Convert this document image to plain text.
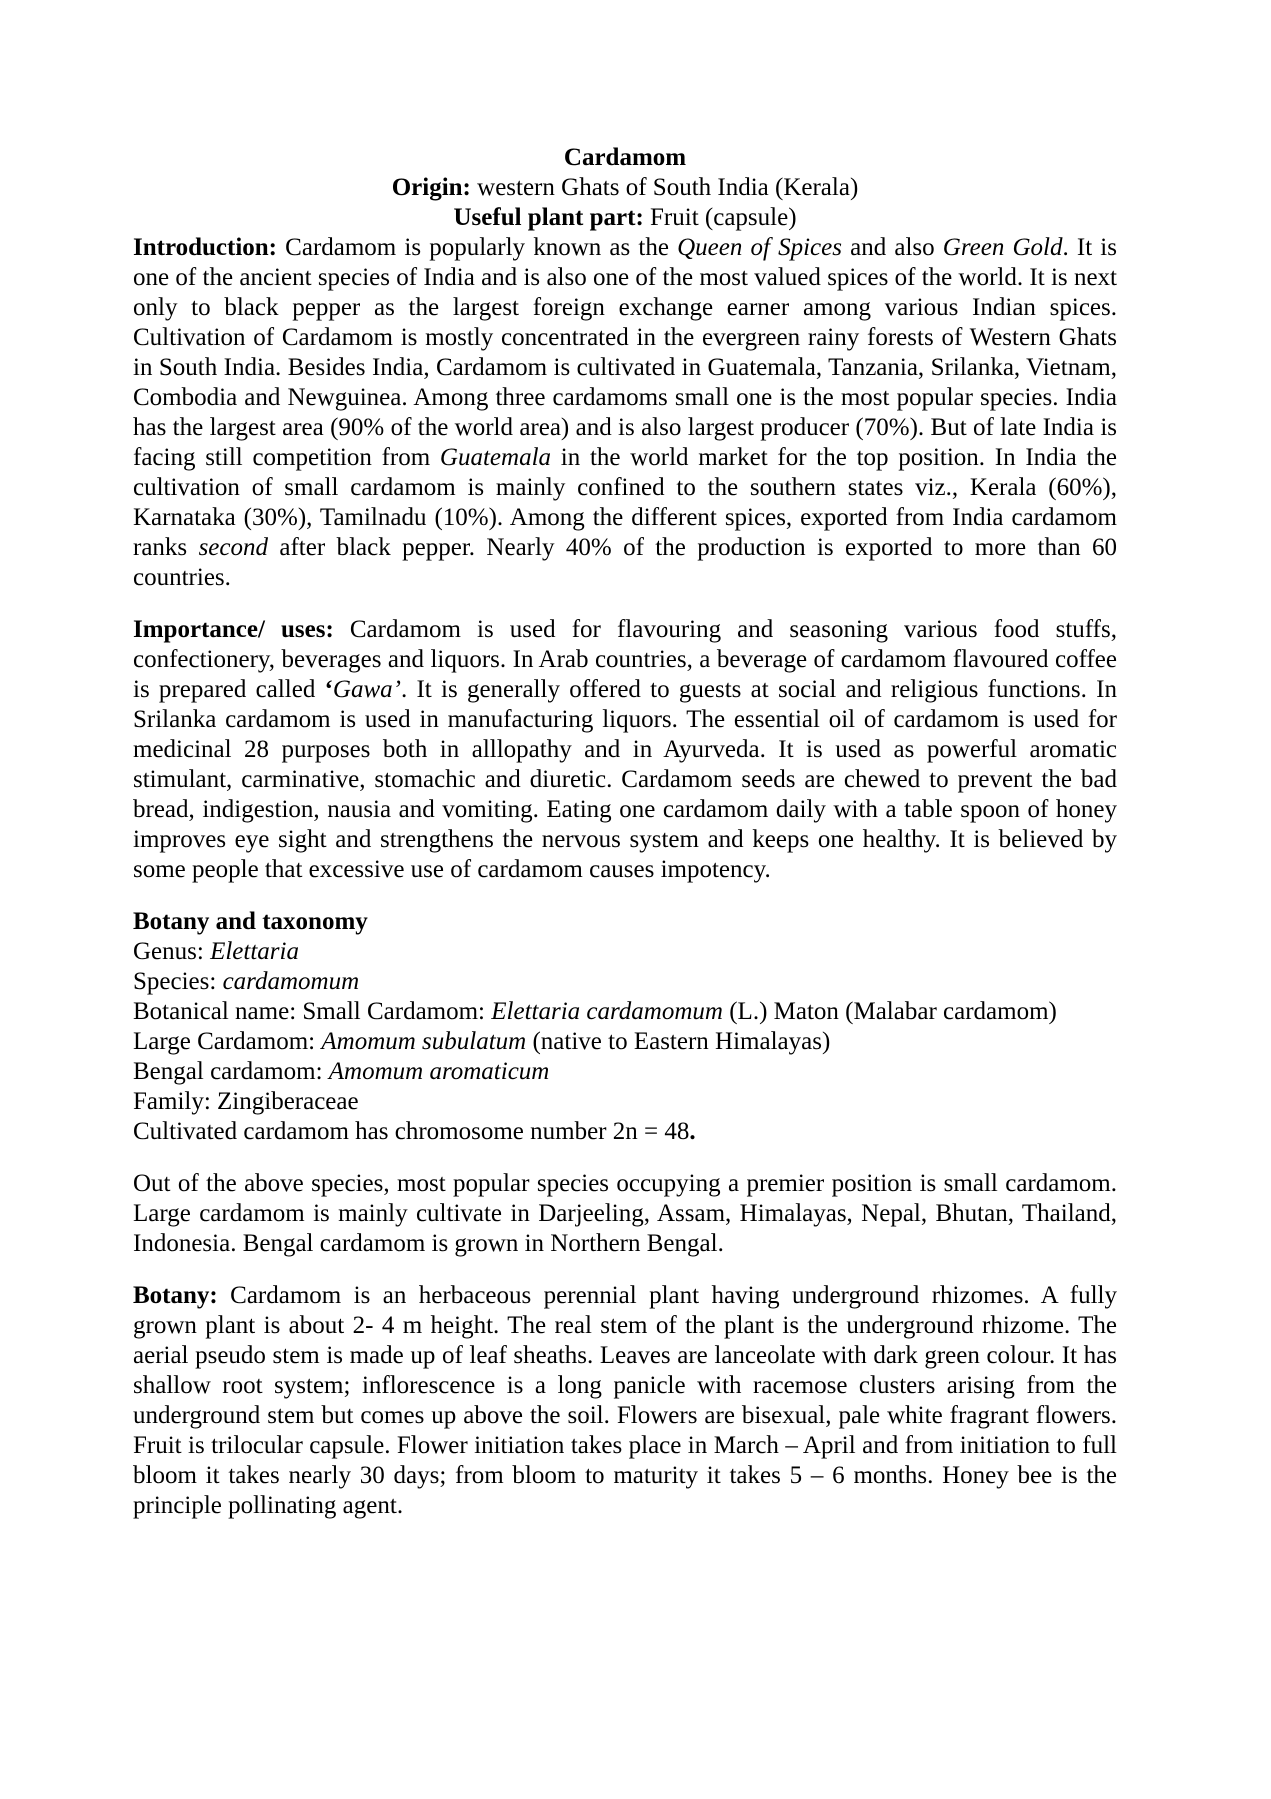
Cardamom

Origin: western Ghats of South India (Kerala)

Useful plant part: Fruit (capsule)

Introduction: Cardamom is popularly known as the Queen of Spices and also Green Gold. It is one of the ancient species of India and is also one of the most valued spices of the world. It is next only to black pepper as the largest foreign exchange earner among various Indian spices. Cultivation of Cardamom is mostly concentrated in the evergreen rainy forests of Western Ghats in South India. Besides India, Cardamom is cultivated in Guatemala, Tanzania, Srilanka, Vietnam, Combodia and Newguinea. Among three cardamoms small one is the most popular species. India has the largest area (90% of the world area) and is also largest producer (70%). But of late India is facing still competition from Guatemala in the world market for the top position. In India the cultivation of small cardamom is mainly confined to the southern states viz., Kerala (60%), Karnataka (30%), Tamilnadu (10%). Among the different spices, exported from India cardamom ranks second after black pepper. Nearly 40% of the production is exported to more than 60 countries.

Importance/ uses: Cardamom is used for flavouring and seasoning various food stuffs, confectionery, beverages and liquors. In Arab countries, a beverage of cardamom flavoured coffee is prepared called ‘Gawa’. It is generally offered to guests at social and religious functions. In Srilanka cardamom is used in manufacturing liquors. The essential oil of cardamom is used for medicinal 28 purposes both in alllopathy and in Ayurveda. It is used as powerful aromatic stimulant, carminative, stomachic and diuretic. Cardamom seeds are chewed to prevent the bad bread, indigestion, nausia and vomiting. Eating one cardamom daily with a table spoon of honey improves eye sight and strengthens the nervous system and keeps one healthy. It is believed by some people that excessive use of cardamom causes impotency.

Botany and taxonomy

Genus: Elettaria

Species: cardamomum

Botanical name: Small Cardamom: Elettaria cardamomum (L.) Maton (Malabar cardamom)

Large Cardamom: Amomum subulatum (native to Eastern Himalayas)

Bengal cardamom: Amomum aromaticum

Family: Zingiberaceae

Cultivated cardamom has chromosome number 2n = 48.

Out of the above species, most popular species occupying a premier position is small cardamom. Large cardamom is mainly cultivate in Darjeeling, Assam, Himalayas, Nepal, Bhutan, Thailand, Indonesia. Bengal cardamom is grown in Northern Bengal.

Botany: Cardamom is an herbaceous perennial plant having underground rhizomes. A fully grown plant is about 2- 4 m height. The real stem of the plant is the underground rhizome. The aerial pseudo stem is made up of leaf sheaths. Leaves are lanceolate with dark green colour. It has shallow root system; inflorescence is a long panicle with racemose clusters arising from the underground stem but comes up above the soil. Flowers are bisexual, pale white fragrant flowers. Fruit is trilocular capsule. Flower initiation takes place in March – April and from initiation to full bloom it takes nearly 30 days; from bloom to maturity it takes 5 – 6 months. Honey bee is the principle pollinating agent.
